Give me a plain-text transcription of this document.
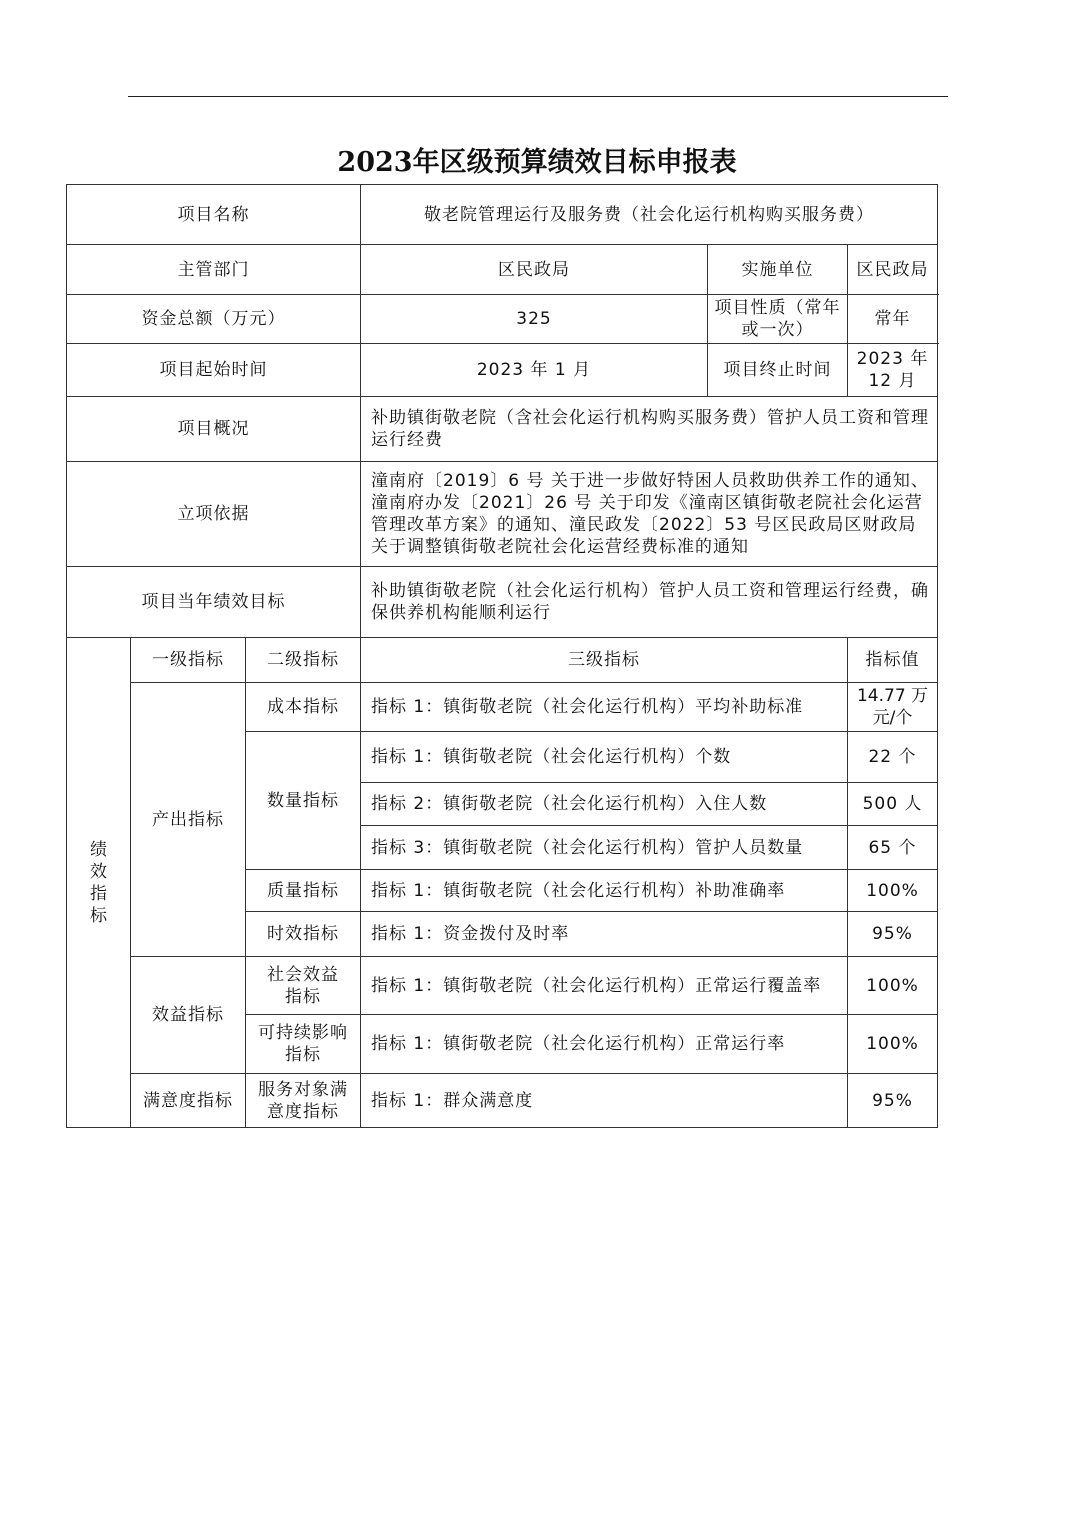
2023年区级预算绩效目标申报表
项目名称			敬老院管理运行及服务费（社会化运行机构购买服务费）		
主管部门			区民政局	实施单位	区民政局
资金总额（万元）			325	项目性质（常年或一次）	常年
项目起始时间			2023 年 1 月	项目终止时间	2023 年 12 月
项目概况			补助镇街敬老院（含社会化运行机构购买服务费）管护人员工资和管理运行经费		
立项依据			潼南府〔2019〕6 号 关于进一步做好特困人员救助供养工作的通知、潼南府办发〔2021〕26 号 关于印发《潼南区镇街敬老院社会化运营管理改革方案》的通知、潼民政发〔2022〕53 号区民政局区财政局关于调整镇街敬老院社会化运营经费标准的通知		
项目当年绩效目标			补助镇街敬老院（社会化运行机构）管护人员工资和管理运行经费，确保供养机构能顺利运行		
绩效指标	一级指标	二级指标	三级指标		指标值
	产出指标	成本指标	指标 1：镇街敬老院（社会化运行机构）平均补助标准		14.77 万元/个
		数量指标	指标 1：镇街敬老院（社会化运行机构）个数		22 个
			指标 2：镇街敬老院（社会化运行机构）入住人数		500 人
			指标 3：镇街敬老院（社会化运行机构）管护人员数量		65 个
		质量指标	指标 1：镇街敬老院（社会化运行机构）补助准确率		100%
		时效指标	指标 1：资金拨付及时率		95%
	效益指标	社会效益指标	指标 1：镇街敬老院（社会化运行机构）正常运行覆盖率		100%
		可持续影响指标	指标 1：镇街敬老院（社会化运行机构）正常运行率		100%
	满意度指标	服务对象满意度指标	指标 1：群众满意度		95%
